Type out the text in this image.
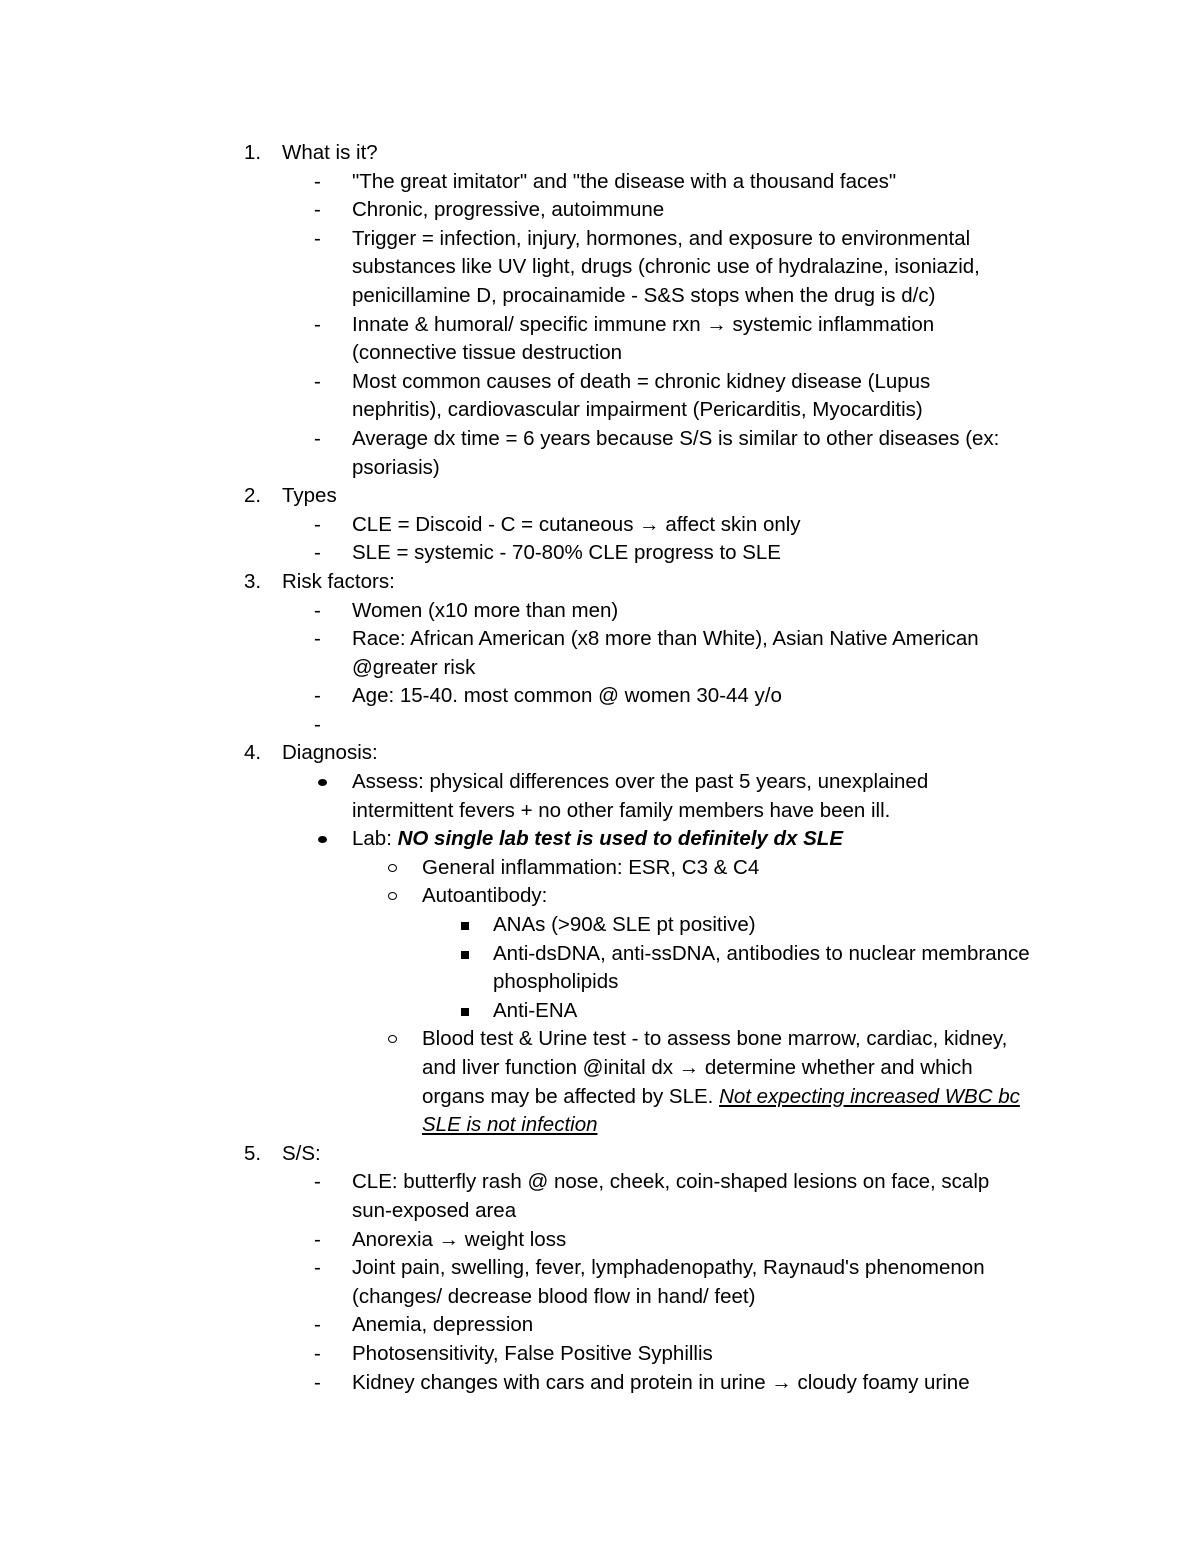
1. What is it?
- "The great imitator" and "the disease with a thousand faces"
- Chronic, progressive, autoimmune
- Trigger = infection, injury, hormones, and exposure to environmental
substances like UV light, drugs (chronic use of hydralazine, isoniazid,
penicillamine D, procainamide - S&S stops when the drug is d/c)
- Innate & humoral/ specific immune rxn → systemic inflammation
(connective tissue destruction
- Most common causes of death = chronic kidney disease (Lupus
nephritis), cardiovascular impairment (Pericarditis, Myocarditis)
- Average dx time = 6 years because S/S is similar to other diseases (ex:
psoriasis)
2. Types
- CLE = Discoid - C = cutaneous → affect skin only
- SLE = systemic - 70-80% CLE progress to SLE
3. Risk factors:
- Women (x10 more than men)
- Race: African American (x8 more than White), Asian Native American
@greater risk
- Age: 15-40. most common @ women 30-44 y/o
-
4. Diagnosis:
Assess: physical differences over the past 5 years, unexplained
intermittent fevers + no other family members have been ill.
Lab: NO single lab test is used to definitely dx SLE
General inflammation: ESR, C3 & C4
Autoantibody:
ANAs (>90& SLE pt positive)
Anti-dsDNA, anti-ssDNA, antibodies to nuclear membrance
phospholipids
Anti-ENA
Blood test & Urine test - to assess bone marrow, cardiac, kidney,
and liver function @inital dx → determine whether and which
organs may be affected by SLE. Not expecting increased WBC bc
SLE is not infection
5. S/S:
- CLE: butterfly rash @ nose, cheek, coin-shaped lesions on face, scalp
sun-exposed area
- Anorexia → weight loss
- Joint pain, swelling, fever, lymphadenopathy, Raynaud's phenomenon
(changes/ decrease blood flow in hand/ feet)
- Anemia, depression
- Photosensitivity, False Positive Syphillis
- Kidney changes with cars and protein in urine → cloudy foamy urine
